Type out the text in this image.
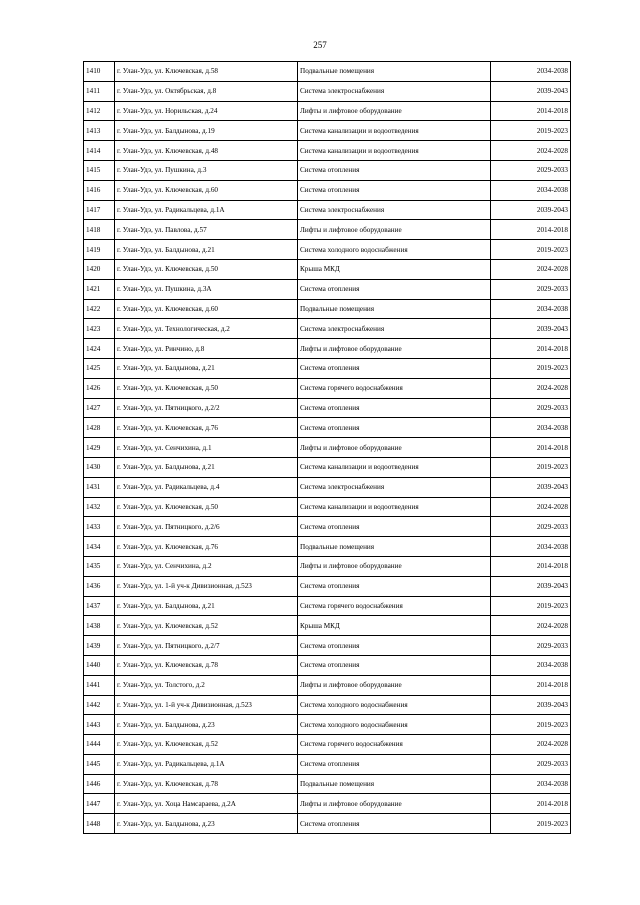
257
1410	г. Улан-Удэ, ул. Ключевская, д.58	Подвальные помещения	2034-2038
1411	г. Улан-Удэ, ул. Октябрьская, д.8	Система электроснабжения	2039-2043
1412	г. Улан-Удэ, ул. Норильская, д.24	Лифты и лифтовое оборудование	2014-2018
1413	г. Улан-Удэ, ул. Балдынова, д.19	Система канализации и водоотведения	2019-2023
1414	г. Улан-Удэ, ул. Ключевская, д.48	Система канализации и водоотведения	2024-2028
1415	г. Улан-Удэ, ул. Пушкина, д.3	Система отопления	2029-2033
1416	г. Улан-Удэ, ул. Ключевская, д.60	Система отопления	2034-2038
1417	г. Улан-Удэ, ул. Радикальцева, д.1А	Система электроснабжения	2039-2043
1418	г. Улан-Удэ, ул. Павлова, д.57	Лифты и лифтовое оборудование	2014-2018
1419	г. Улан-Удэ, ул. Балдынова, д.21	Система холодного водоснабжения	2019-2023
1420	г. Улан-Удэ, ул. Ключевская, д.50	Крыша МКД	2024-2028
1421	г. Улан-Удэ, ул. Пушкина, д.3А	Система отопления	2029-2033
1422	г. Улан-Удэ, ул. Ключевская, д.60	Подвальные помещения	2034-2038
1423	г. Улан-Удэ, ул. Технологическая, д.2	Система электроснабжения	2039-2043
1424	г. Улан-Удэ, ул. Ринчино, д.8	Лифты и лифтовое оборудование	2014-2018
1425	г. Улан-Удэ, ул. Балдынова, д.21	Система отопления	2019-2023
1426	г. Улан-Удэ, ул. Ключевская, д.50	Система горячего водоснабжения	2024-2028
1427	г. Улан-Удэ, ул. Пятницкого, д.2/2	Система отопления	2029-2033
1428	г. Улан-Удэ, ул. Ключевская, д.76	Система отопления	2034-2038
1429	г. Улан-Удэ, ул. Сенчихина, д.1	Лифты и лифтовое оборудование	2014-2018
1430	г. Улан-Удэ, ул. Балдынова, д.21	Система канализации и водоотведения	2019-2023
1431	г. Улан-Удэ, ул. Радикальцева, д.4	Система электроснабжения	2039-2043
1432	г. Улан-Удэ, ул. Ключевская, д.50	Система канализации и водоотведения	2024-2028
1433	г. Улан-Удэ, ул. Пятницкого, д.2/6	Система отопления	2029-2033
1434	г. Улан-Удэ, ул. Ключевская, д.76	Подвальные помещения	2034-2038
1435	г. Улан-Удэ, ул. Сенчихина, д.2	Лифты и лифтовое оборудование	2014-2018
1436	г. Улан-Удэ, ул. 1-й уч-к Дивизионная, д.523	Система отопления	2039-2043
1437	г. Улан-Удэ, ул. Балдынова, д.21	Система горячего водоснабжения	2019-2023
1438	г. Улан-Удэ, ул. Ключевская, д.52	Крыша МКД	2024-2028
1439	г. Улан-Удэ, ул. Пятницкого, д.2/7	Система отопления	2029-2033
1440	г. Улан-Удэ, ул. Ключевская, д.78	Система отопления	2034-2038
1441	г. Улан-Удэ, ул. Толстого, д.2	Лифты и лифтовое оборудование	2014-2018
1442	г. Улан-Удэ, ул. 1-й уч-к Дивизионная, д.523	Система холодного водоснабжения	2039-2043
1443	г. Улан-Удэ, ул. Балдынова, д.23	Система холодного водоснабжения	2019-2023
1444	г. Улан-Удэ, ул. Ключевская, д.52	Система горячего водоснабжения	2024-2028
1445	г. Улан-Удэ, ул. Радикальцева, д.1А	Система отопления	2029-2033
1446	г. Улан-Удэ, ул. Ключевская, д.78	Подвальные помещения	2034-2038
1447	г. Улан-Удэ, ул. Хоца Намсараева, д.2А	Лифты и лифтовое оборудование	2014-2018
1448	г. Улан-Удэ, ул. Балдынова, д.23	Система отопления	2019-2023
